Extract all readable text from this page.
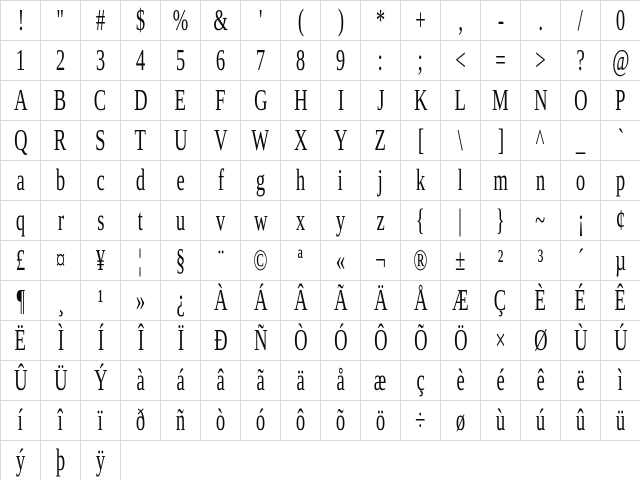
! " # $ % & ' ( ) * + , - . / 0
1 2 3 4 5 6 7 8 9 : ; < = > ? @
A B C D E F G H I J K L M N O P
Q R S T U V W X Y Z [ \ ] ^ _ `
a b c d e f g h i j k l m n o p
q r s t u v w x y z { | } ~ ¡ ¢
£ ¤ ¥ ¦ § ¨ © ª « ¬ ® ± ² ³ ´ µ
¶ ¸ ¹ » ¿ À Á Â Ã Ä Å Æ Ç È É Ê
Ë Ì Í Î Ï Ð Ñ Ò Ó Ô Õ Ö × Ø Ù Ú
Û Ü Ý à á â ã ä å æ ç è é ê ë ì
í î ï ð ñ ò ó ô õ ö ÷ ø ù ú û ü
ý þ ÿ
